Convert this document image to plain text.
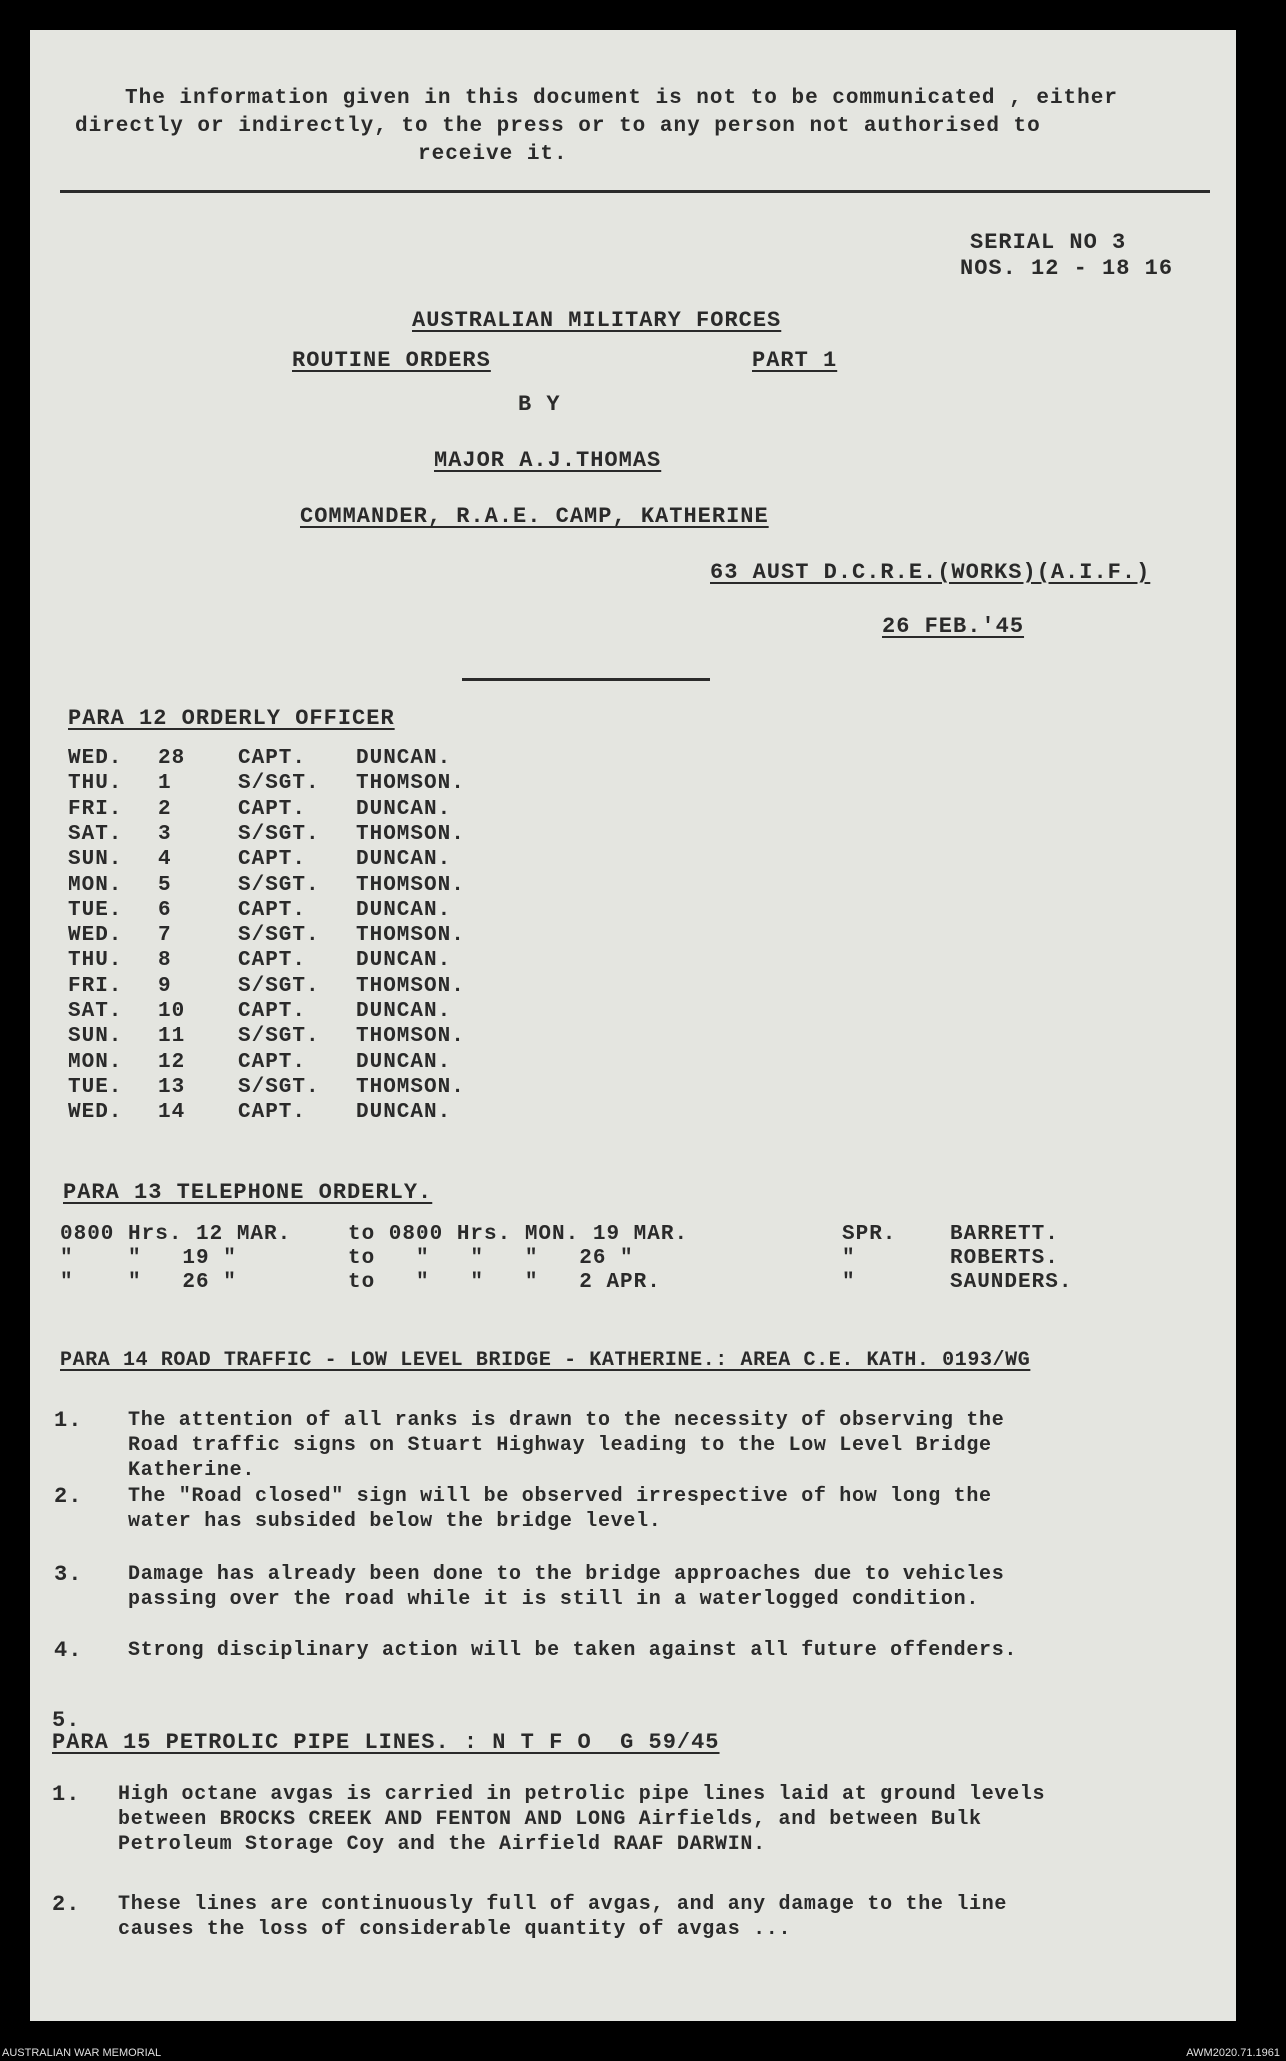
The information given in this document is not to be communicated , either
directly or indirectly, to the press or to any person not authorised to
receive it.
SERIAL NO 3
NOS. 12 - 18 16
AUSTRALIAN MILITARY FORCES
ROUTINE ORDERS	PART 1
B Y
MAJOR A.J.THOMAS
COMMANDER, R.A.E. CAMP, KATHERINE
63 AUST D.C.R.E.(WORKS)(A.I.F.)
26 FEB.'45
PARA 12 ORDERLY OFFICER
WED. 28	CAPT. DUNCAN.
THU. 1	S/SGT. THOMSON.
FRI. 2	CAPT. DUNCAN.
SAT. 3	S/SGT. THOMSON.
SUN. 4	CAPT. DUNCAN.
MON. 5	S/SGT. THOMSON.
TUE. 6	CAPT. DUNCAN.
WED. 7	S/SGT. THOMSON.
THU. 8	CAPT. DUNCAN.
FRI. 9	S/SGT. THOMSON.
SAT. 10	CAPT. DUNCAN.
SUN. 11	S/SGT. THOMSON.
MON. 12	CAPT. DUNCAN.
TUE. 13	S/SGT. THOMSON.
WED. 14	CAPT. DUNCAN.
PARA 13 TELEPHONE ORDERLY.
0800 Hrs. 12 MAR.	to 0800 Hrs. MON. 19 MAR.	SPR.	BARRETT.
"    "   19 "	to   "   "   "   26 "	"	ROBERTS.
"    "   26 "	to   "   "   "   2 APR.	"	SAUNDERS.
PARA 14 ROAD TRAFFIC - LOW LEVEL BRIDGE - KATHERINE.: AREA C.E. KATH. 0193/WG
1. The attention of all ranks is drawn to the necessity of observing the
Road traffic signs on Stuart Highway leading to the Low Level Bridge
Katherine.
2. The "Road closed" sign will be observed irrespective of how long the
water has subsided below the bridge level.
3. Damage has already been done to the bridge approaches due to vehicles
passing over the road while it is still in a waterlogged condition.
4. Strong disciplinary action will be taken against all future offenders.
5.
PARA 15 PETROLIC PIPE LINES. : N T F O  G 59/45
1. High octane avgas is carried in petrolic pipe lines laid at ground levels
between BROCKS CREEK AND FENTON AND LONG Airfields, and between Bulk
Petroleum Storage Coy and the Airfield RAAF DARWIN.
2. These lines are continuously full of avgas, and any damage to the line
causes the loss of considerable quantity of avgas ...
AUSTRALIAN WAR MEMORIAL	AWM2020.71.1961
